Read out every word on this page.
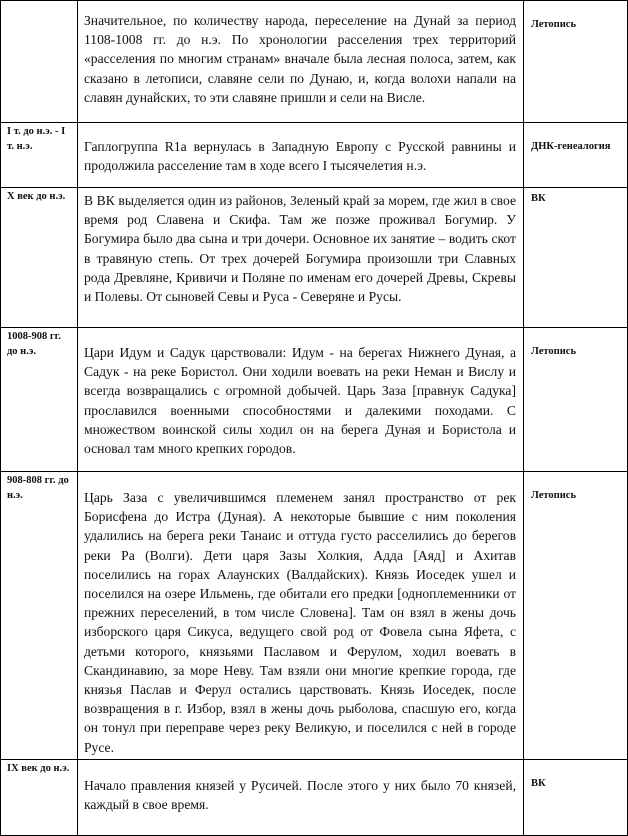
	Значительное, по количеству народа, переселение на Дунай за период 1108-1008 гг. до н.э. По хронологии расселения трех территорий «расселения по многим странам» вначале была лесная полоса, затем, как сказано в летописи, славяне сели по Дунаю, и, когда волохи напали на славян дунайских, то эти славяне пришли и сели на Висле.	Летопись
I т. до н.э. - I т. н.э.	Гаплогруппа R1a вернулась в Западную Европу с Русской равнины и продолжила расселение там в ходе всего I тысячелетия н.э.	ДНК-генеалогия
X век до н.э.	В ВК выделяется один из районов, Зеленый край за морем, где жил в свое время род Славена и Скифа. Там же позже проживал Богумир. У Богумира было два сына и три дочери. Основное их занятие – водить скот в травяную степь. От трех дочерей Богумира произошли три Славных рода Древляне, Кривичи и Поляне по именам его дочерей Древы, Скревы и Полевы. От сыновей Севы и Руса - Северяне и Русы.	ВК
1008-908 гг. до н.э.	Цари Идум и Садук царствовали: Идум - на берегах Нижнего Дуная, а Садук - на реке Бористол. Они ходили воевать на реки Неман и Вислу и всегда возвращались с огромной добычей. Царь Заза [правнук Садука] прославился военными способностями и далекими походами. С множеством воинской силы ходил он на берега Дуная и Бористола и основал там много крепких городов.	Летопись
908-808 гг. до н.э.	Царь Заза с увеличившимся племенем занял пространство от рек Борисфена до Истра (Дуная). А некоторые бывшие с ним поколения удалились на берега реки Танаис и оттуда густо расселились до берегов реки Ра (Волги). Дети царя Зазы Холкия, Адда [Аяд] и Ахитав поселились на горах Алаунских (Валдайских). Князь Иоседек ушел и поселился на озере Ильмень, где обитали его предки [одноплеменники от прежних переселений, в том числе Словена]. Там он взял в жены дочь изборского царя Сикуса, ведущего свой род от Фовела сына Яфета, с детьми которого, князьями Паславом и Ферулом, ходил воевать в Скандинавию, за море Неву. Там взяли они многие крепкие города, где князья Паслав и Ферул остались царствовать. Князь Иоседек, после возвращения в г. Избор, взял в жены дочь рыболова, спасшую его, когда он тонул при переправе через реку Великую, и поселился с ней в городе Русе.	Летопись
IX век до н.э.	Начало правления князей у Русичей. После этого у них было 70 князей, каждый в свое время.	ВК
